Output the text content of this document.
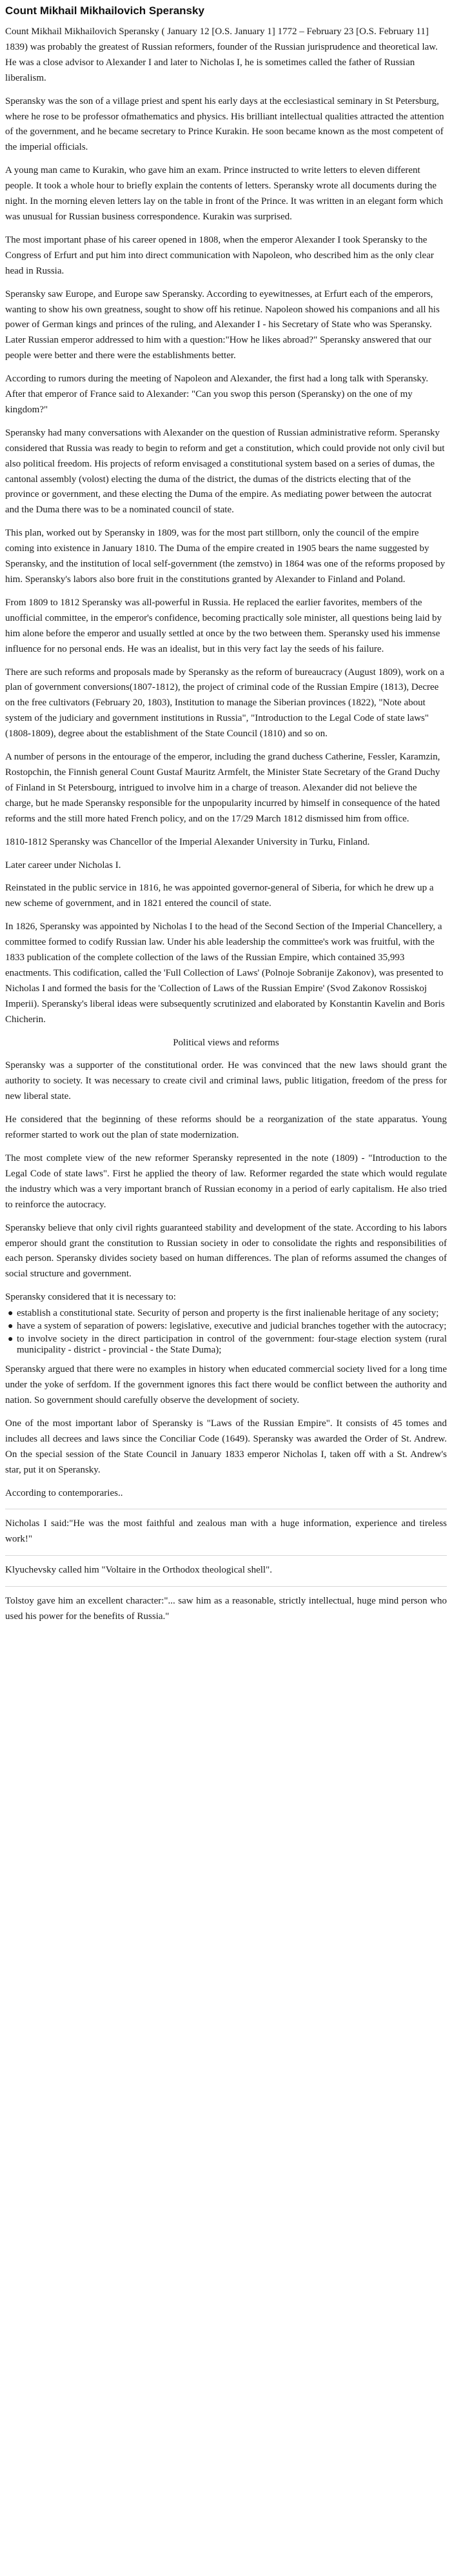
Count Mikhail Mikhailovich Speransky

Count Mikhail Mikhailovich Speransky ( January 12 [O.S. January 1] 1772 – February 23 [O.S. February 11] 1839) was probably the greatest of Russian reformers, founder of the Russian jurisprudence and theoretical law. He was a close advisor to Alexander I and later to Nicholas I, he is sometimes called the father of Russian liberalism.

Speransky was the son of a village priest and spent his early days at the ecclesiastical seminary in St Petersburg, where he rose to be professor ofmathematics and physics. His brilliant intellectual qualities attracted the attention of the government, and he became secretary to Prince Kurakin. He soon became known as the most competent of the imperial officials.

A young man came to Kurakin, who gave him an exam. Prince instructed to write letters to eleven different people. It took a whole hour to briefly explain the contents of letters. Speransky wrote all documents during the night. In the morning eleven letters lay on the table in front of the Prince. It was written in an elegant form which was unusual for Russian business correspondence. Kurakin was surprised.

The most important phase of his career opened in 1808, when the emperor Alexander I took Speransky to the Congress of Erfurt and put him into direct communication with Napoleon, who described him as the only clear head in Russia.

Speransky saw Europe, and Europe saw Speransky. According to eyewitnesses, at Erfurt each of the emperors, wanting to show his own greatness, sought to show off his retinue. Napoleon showed his companions and all his power of German kings and princes of the ruling, and Alexander I - his Secretary of State who was Speransky. Later Russian emperor addressed to him with a question:"How he likes abroad?" Speransky answered that our people were better and there were the establishments better.

According to rumors during the meeting of Napoleon and Alexander, the first had a long talk with Speransky. After that emperor of France said to Alexander: "Can you swop this person (Speransky) on the one of my kingdom?"

Speransky had many conversations with Alexander on the question of Russian administrative reform. Speransky considered that Russia was ready to begin to reform and get a constitution, which could provide not only civil but also political freedom. His projects of reform envisaged a constitutional system based on a series of dumas, the cantonal assembly (volost) electing the duma of the district, the dumas of the districts electing that of the province or government, and these electing the Duma of the empire. As mediating power between the autocrat and the Duma there was to be a nominated council of state.

This plan, worked out by Speransky in 1809, was for the most part stillborn, only the council of the empire coming into existence in January 1810. The Duma of the empire created in 1905 bears the name suggested by Speransky, and the institution of local self-government (the zemstvo) in 1864 was one of the reforms proposed by him. Speransky's labors also bore fruit in the constitutions granted by Alexander to Finland and Poland.

From 1809 to 1812 Speransky was all-powerful in Russia. He replaced the earlier favorites, members of the unofficial committee, in the emperor's confidence, becoming practically sole minister, all questions being laid by him alone before the emperor and usually settled at once by the two between them. Speransky used his immense influence for no personal ends. He was an idealist, but in this very fact lay the seeds of his failure.

There are such reforms and proposals made by Speransky as the reform of bureaucracy (August 1809), work on a plan of government conversions(1807-1812), the project of criminal code of the Russian Empire (1813), Decree on the free cultivators (February 20, 1803), Institution to manage the Siberian provinces (1822), "Note about system of the judiciary and government institutions in Russia", "Introduction to the Legal Code of state laws" (1808-1809), degree about the establishment of the State Council (1810) and so on.

A number of persons in the entourage of the emperor, including the grand duchess Catherine, Fessler, Karamzin, Rostopchin, the Finnish general Count Gustaf Mauritz Armfelt, the Minister State Secretary of the Grand Duchy of Finland in St Petersbourg, intrigued to involve him in a charge of treason. Alexander did not believe the charge, but he made Speransky responsible for the unpopularity incurred by himself in consequence of the hated reforms and the still more hated French policy, and on the 17/29 March 1812 dismissed him from office.

1810-1812 Speransky was Chancellor of the Imperial Alexander University in Turku, Finland.

Later career under Nicholas I.

Reinstated in the public service in 1816, he was appointed governor-general of Siberia, for which he drew up a new scheme of government, and in 1821 entered the council of state.

In 1826, Speransky was appointed by Nicholas I to the head of the Second Section of the Imperial Chancellery, a committee formed to codify Russian law. Under his able leadership the committee's work was fruitful, with the 1833 publication of the complete collection of the laws of the Russian Empire, which contained 35,993 enactments. This codification, called the 'Full Collection of Laws' (Polnoje Sobranije Zakonov), was presented to Nicholas I and formed the basis for the 'Collection of Laws of the Russian Empire' (Svod Zakonov Rossiskoj Imperii). Speransky's liberal ideas were subsequently scrutinized and elaborated by Konstantin Kavelin and Boris Chicherin.

Political views and reforms

Speransky was a supporter of the constitutional order. He was convinced that the new laws should grant the authority to society. It was necessary to create civil and criminal laws, public litigation, freedom of the press for new liberal state.

He considered that the beginning of these reforms should be a reorganization of the state apparatus. Young reformer started to work out the plan of state modernization.

The most complete view of the new reformer Speransky represented in the note (1809) - "Introduction to the Legal Code of state laws". First he applied the theory of law. Reformer regarded the state which would regulate the industry which was a very important branch of Russian economy in a period of early capitalism. He also tried to reinforce the autocracy.

Speransky believe that only civil rights guaranteed stability and development of the state. According to his labors emperor should grant the constitution to Russian society in oder to consolidate the rights and responsibilities of each person. Speransky divides society based on human differences. The plan of reforms assumed the changes of social structure and government.

Speransky considered that it is necessary to:

● establish a constitutional state. Security of person and property is the first inalienable heritage of any society;
● have a system of separation of powers: legislative, executive and judicial branches together with the autocracy;
● to involve society in the direct participation in control of the government: four-stage election system (rural municipality - district - provincial - the State Duma);

Speransky argued that there were no examples in history when educated commercial society lived for a long time under the yoke of serfdom. If the government ignores this fact there would be conflict between the authority and nation. So government should carefully observe the development of society.

One of the most important labor of Speransky is "Laws of the Russian Empire". It consists of 45 tomes and includes all decrees and laws since the Conciliar Code (1649). Speransky was awarded the Order of St. Andrew. On the special session of the State Council in January 1833 emperor Nicholas I, taken off with a St. Andrew's star, put it on Speransky.

According to contemporaries..

Nicholas I said:"He was the most faithful and zealous man with a huge information, experience and tireless work!"

Klyuchevsky called him "Voltaire in the Orthodox theological shell".

Tolstoy gave him an excellent character:"... saw him as a reasonable, strictly intellectual, huge mind person who used his power for the benefits of Russia."
